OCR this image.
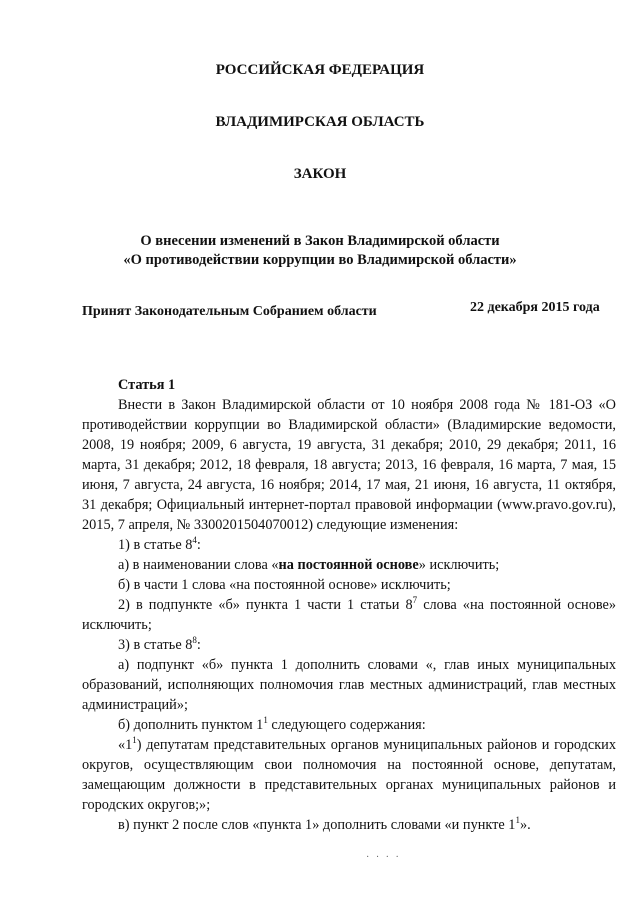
РОССИЙСКАЯ ФЕДЕРАЦИЯ
ВЛАДИМИРСКАЯ ОБЛАСТЬ
ЗАКОН
О внесении изменений в Закон Владимирской области
«О противодействии коррупции во Владимирской области»
Принят Законодательным Собранием области	22 декабря 2015 года

Статья 1

Внести в Закон Владимирской области от 10 ноября 2008 года № 181-ОЗ «О противодействии коррупции во Владимирской области» (Владимирские ведомости, 2008, 19 ноября; 2009, 6 августа, 19 августа, 31 декабря; 2010, 29 декабря; 2011, 16 марта, 31 декабря; 2012, 18 февраля, 18 августа; 2013, 16 февраля, 16 марта, 7 мая, 15 июня, 7 августа, 24 августа, 16 ноября; 2014, 17 мая, 21 июня, 16 августа, 11 октября, 31 декабря; Официальный интернет-портал правовой информации (www.pravo.gov.ru), 2015, 7 апреля, № 3300201504070012) следующие изменения:

1) в статье $8^4$:

а) в наименовании слова «на постоянной основе» исключить;

б) в части 1 слова «на постоянной основе» исключить;

2) в подпункте «б» пункта 1 части 1 статьи $8^7$ слова «на постоянной основе» исключить;

3) в статье $8^8$:

а) подпункт «б» пункта 1 дополнить словами «, глав иных муниципальных образований, исполняющих полномочия глав местных администраций, глав местных администраций»;

б) дополнить пунктом $1^1$ следующего содержания:

«$1^1$) депутатам представительных органов муниципальных районов и городских округов, осуществляющим свои полномочия на постоянной основе, депутатам, замещающим должности в представительных органах муниципальных районов и городских округов;»;

в) пункт 2 после слов «пункта 1» дополнить словами «и пункте $1^1$».

· · · ·
